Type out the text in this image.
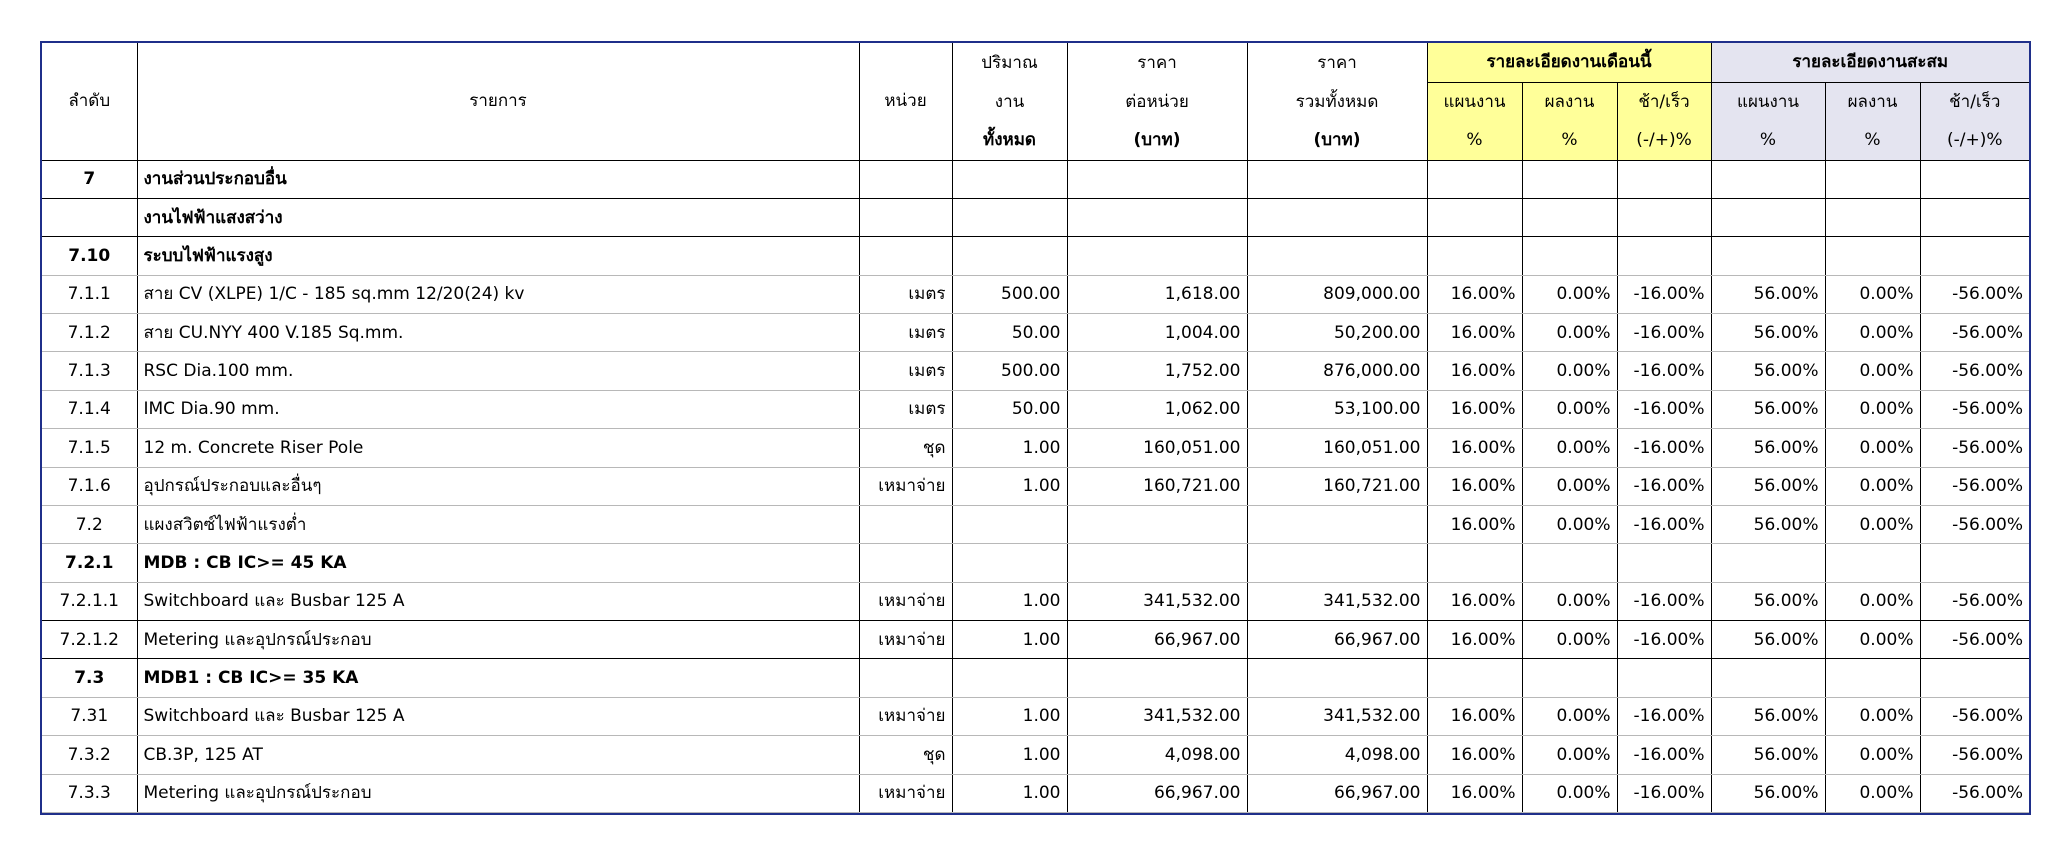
ลำดับ	รายการ	หน่วย	ปริมาณ	ราคา	ราคา	รายละเอียดงานเดือนนี้			รายละเอียดงานสะสม		
			งาน	ต่อหน่วย	รวมทั้งหมด	แผนงาน	ผลงาน	ช้า/เร็ว	แผนงาน	ผลงาน	ช้า/เร็ว
			ทั้งหมด	(บาท)	(บาท)	%	%	(-/+)%	%	%	(-/+)%
7	งานส่วนประกอบอื่น										
	งานไฟฟ้าแสงสว่าง										
7.10	ระบบไฟฟ้าแรงสูง										
7.1.1	สาย CV (XLPE) 1/C - 185 sq.mm 12/20(24) kv	เมตร	500.00	1,618.00	809,000.00	16.00%	0.00%	-16.00%	56.00%	0.00%	-56.00%
7.1.2	สาย CU.NYY 400 V.185 Sq.mm.	เมตร	50.00	1,004.00	50,200.00	16.00%	0.00%	-16.00%	56.00%	0.00%	-56.00%
7.1.3	RSC Dia.100 mm.	เมตร	500.00	1,752.00	876,000.00	16.00%	0.00%	-16.00%	56.00%	0.00%	-56.00%
7.1.4	IMC Dia.90 mm.	เมตร	50.00	1,062.00	53,100.00	16.00%	0.00%	-16.00%	56.00%	0.00%	-56.00%
7.1.5	12 m. Concrete Riser Pole	ชุด	1.00	160,051.00	160,051.00	16.00%	0.00%	-16.00%	56.00%	0.00%	-56.00%
7.1.6	อุปกรณ์ประกอบและอื่นๆ	เหมาจ่าย	1.00	160,721.00	160,721.00	16.00%	0.00%	-16.00%	56.00%	0.00%	-56.00%
7.2	แผงสวิตซ์ไฟฟ้าแรงต่ำ					16.00%	0.00%	-16.00%	56.00%	0.00%	-56.00%
7.2.1	MDB : CB IC>= 45 KA										
7.2.1.1	Switchboard และ Busbar 125 A	เหมาจ่าย	1.00	341,532.00	341,532.00	16.00%	0.00%	-16.00%	56.00%	0.00%	-56.00%
7.2.1.2	Metering และอุปกรณ์ประกอบ	เหมาจ่าย	1.00	66,967.00	66,967.00	16.00%	0.00%	-16.00%	56.00%	0.00%	-56.00%
7.3	MDB1 : CB IC>= 35 KA										
7.31	Switchboard และ Busbar 125 A	เหมาจ่าย	1.00	341,532.00	341,532.00	16.00%	0.00%	-16.00%	56.00%	0.00%	-56.00%
7.3.2	CB.3P, 125 AT	ชุด	1.00	4,098.00	4,098.00	16.00%	0.00%	-16.00%	56.00%	0.00%	-56.00%
7.3.3	Metering และอุปกรณ์ประกอบ	เหมาจ่าย	1.00	66,967.00	66,967.00	16.00%	0.00%	-16.00%	56.00%	0.00%	-56.00%
